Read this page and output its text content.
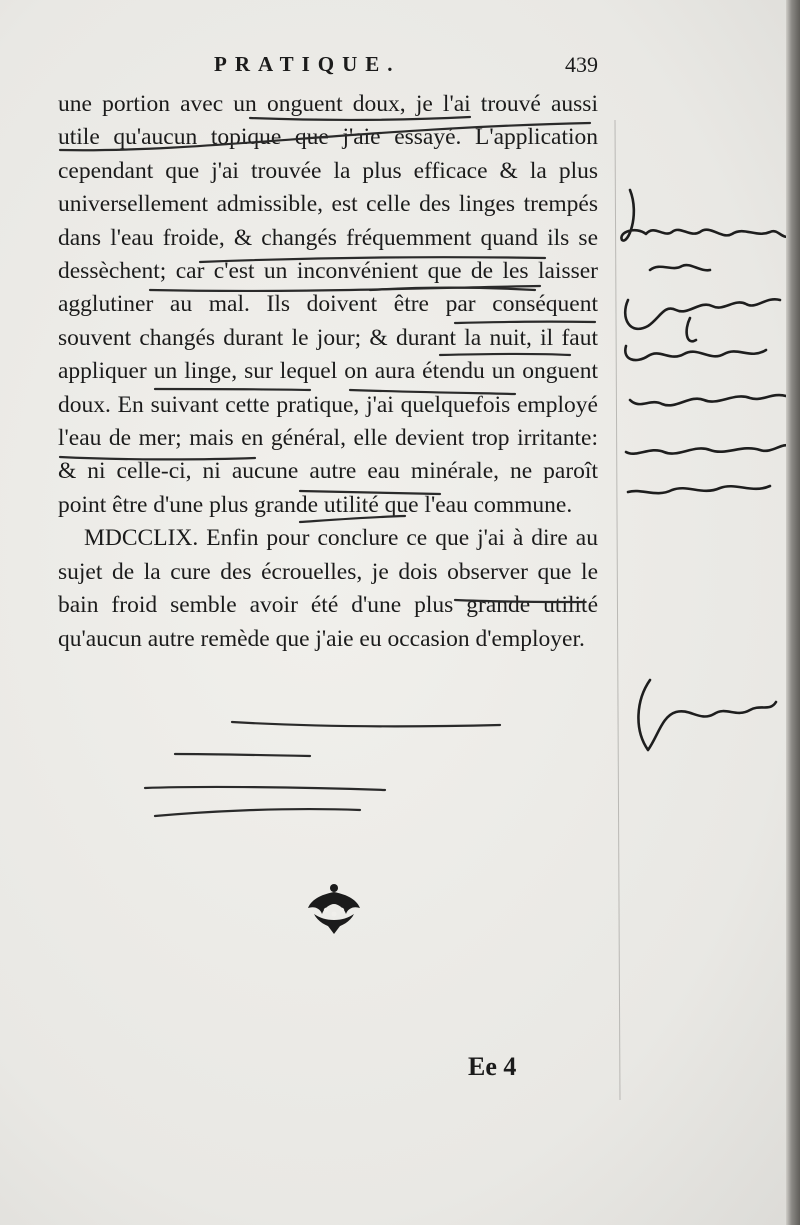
PRATIQUE.	439

une portion avec un onguent doux, je l'ai trouvé aussi utile qu'aucun topique que j'aie essayé. L'application cependant que j'ai trouvée la plus efficace & la plus universellement admissible, est celle des linges trempés dans l'eau froide, & changés fréquemment quand ils se dessèchent; car c'est un inconvénient que de les laisser agglutiner au mal. Ils doivent être par conséquent souvent changés durant le jour; & durant la nuit, il faut appliquer un linge, sur lequel on aura étendu un onguent doux. En suivant cette pratique, j'ai quelquefois employé l'eau de mer; mais en général, elle devient trop irritante: & ni celle-ci, ni aucune autre eau minérale, ne paroît point être d'une plus grande utilité que l'eau commune.

MDCCLIX. Enfin pour conclure ce que j'ai à dire au sujet de la cure des écrouelles, je dois observer que le bain froid semble avoir été d'une plus grande utilité qu'aucun autre remède que j'aie eu occasion d'employer.

Ee 4
